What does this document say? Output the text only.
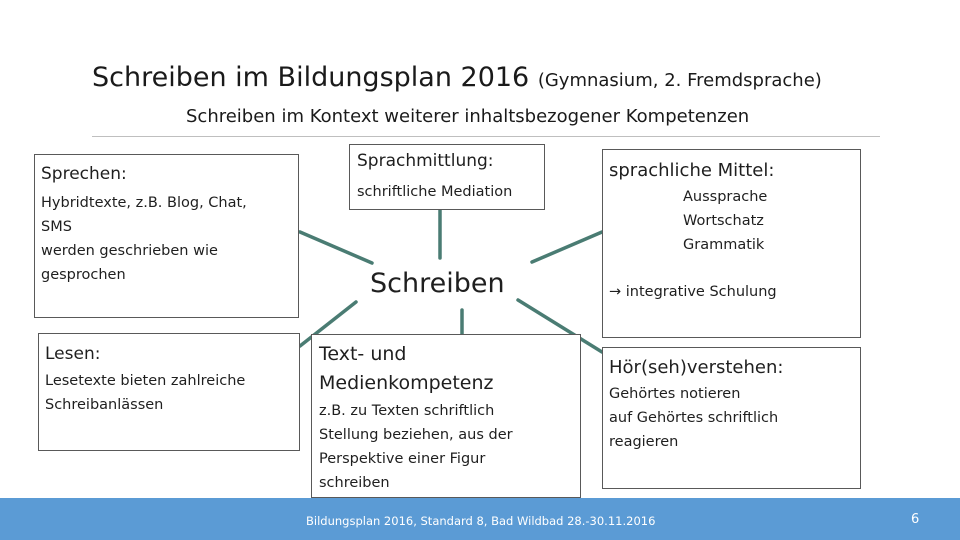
Schreiben im Bildungsplan 2016 (Gymnasium, 2. Fremdsprache)
Schreiben im Kontext weiterer inhaltsbezogener Kompetenzen
Sprechen:
Hybridtexte, z.B. Blog, Chat,
SMS
werden geschrieben wie
gesprochen
Lesen:
Lesetexte bieten zahlreiche
Schreibanlässen
Sprachmittlung:
schriftliche Mediation
Schreiben
Text- und
Medienkompetenz
z.B. zu Texten schriftlich
Stellung beziehen, aus der
Perspektive einer Figur
schreiben
sprachliche Mittel:
Aussprache
Wortschatz
Grammatik
→ integrative Schulung
Hör(seh)verstehen:
Gehörtes notieren
auf Gehörtes schriftlich
reagieren
Bildungsplan 2016, Standard 8, Bad Wildbad 28.-30.11.2016	6
